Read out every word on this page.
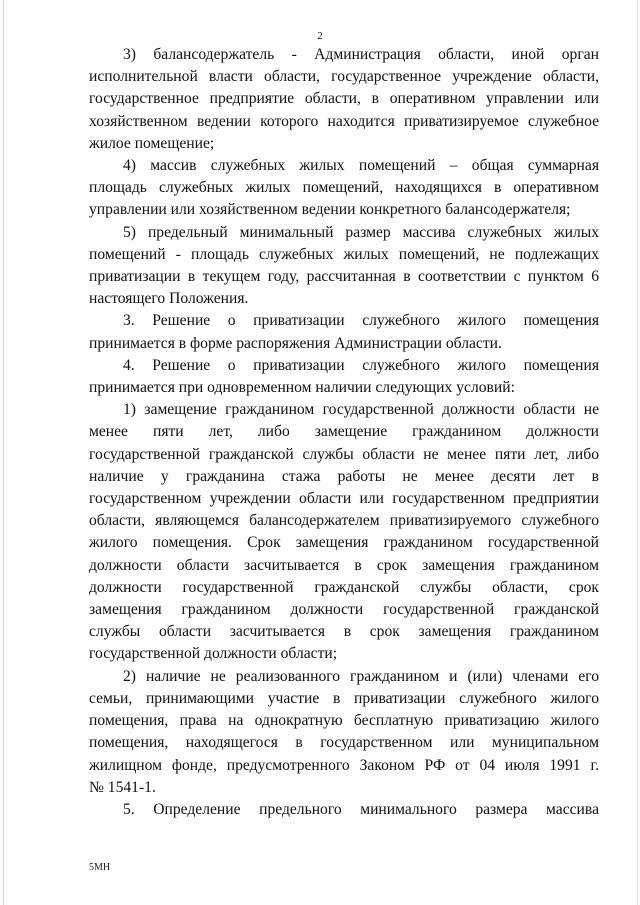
2

3) балансодержатель - Администрация области, иной орган

исполнительной власти области, государственное учреждение области,

государственное предприятие области, в оперативном управлении или

хозяйственном ведении которого находится приватизируемое служебное

жилое помещение;

4) массив служебных жилых помещений – общая суммарная

площадь служебных жилых помещений, находящихся в оперативном

управлении или хозяйственном ведении конкретного балансодержателя;

5) предельный минимальный размер массива служебных жилых

помещений - площадь служебных жилых помещений, не подлежащих

приватизации в текущем году, рассчитанная в соответствии с пунктом 6

настоящего Положения.

3. Решение о приватизации служебного жилого помещения

принимается в форме распоряжения Администрации области.

4. Решение о приватизации служебного жилого помещения

принимается при одновременном наличии следующих условий:

1) замещение гражданином государственной должности области не

менее пяти лет, либо замещение гражданином должности

государственной гражданской службы области не менее пяти лет, либо

наличие у гражданина стажа работы не менее десяти лет в

государственном учреждении области или государственном предприятии

области, являющемся балансодержателем приватизируемого служебного

жилого помещения. Срок замещения гражданином государственной

должности области засчитывается в срок замещения гражданином

должности государственной гражданской службы области, срок

замещения гражданином должности государственной гражданской

службы области засчитывается в срок замещения гражданином

государственной должности области;

2) наличие не реализованного гражданином и (или) членами его

семьи, принимающими участие в приватизации служебного жилого

помещения, права на однократную бесплатную приватизацию жилого

помещения, находящегося в государственном или муниципальном

жилищном фонде, предусмотренного Законом РФ от 04 июля 1991 г.

№ 1541-1.

5. Определение предельного минимального размера массива

5МН
